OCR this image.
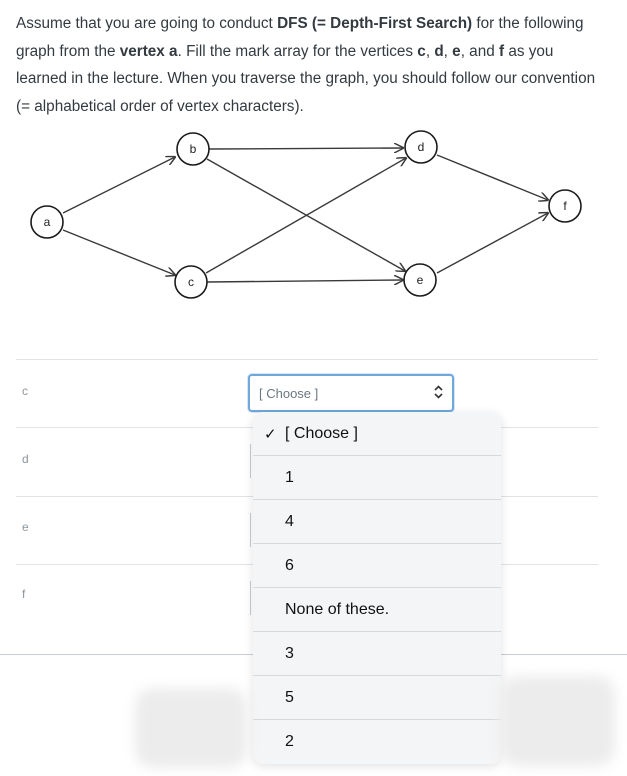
Assume that you are going to conduct DFS (= Depth-First Search) for the following graph from the vertex a. Fill the mark array for the vertices c, d, e, and f as you learned in the lecture. When you traverse the graph, you should follow our convention (= alphabetical order of vertex characters).
a
b
c
d
e
f
c
d
e
f
[ Choose ]
✓ [ Choose ]
1
4
6
None of these.
3
5
2
